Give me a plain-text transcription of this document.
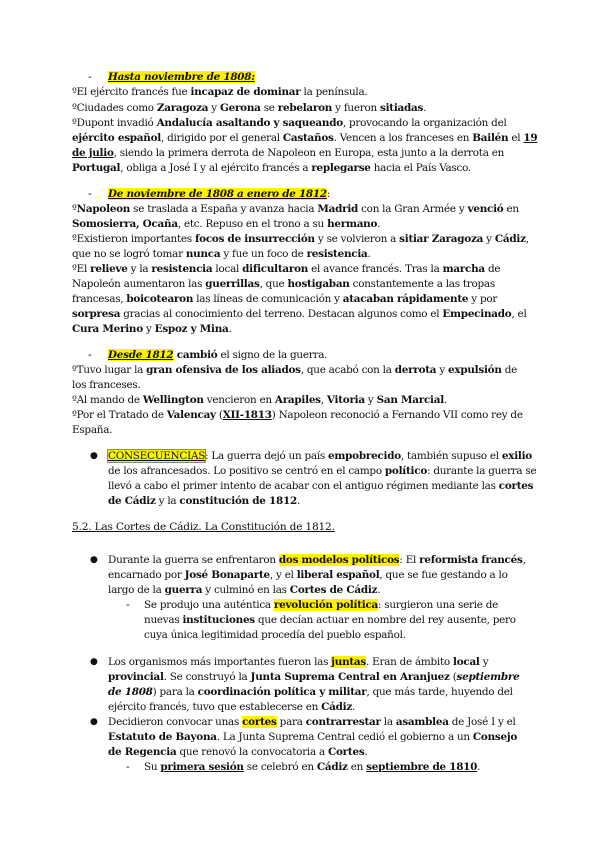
- Hasta noviembre de 1808:
ºEl ejército francés fue incapaz de dominar la península.
ºCiudades como Zaragoza y Gerona se rebelaron y fueron sitiadas.
ºDupont invadió Andalucía asaltando y saqueando, provocando la organización del
ejército español, dirigido por el general Castaños. Vencen a los franceses en Bailén el 19
de julio, siendo la primera derrota de Napoleon en Europa, esta junto a la derrota en
Portugal, obliga a José I y al ejército francés a replegarse hacia el País Vasco.
- De noviembre de 1808 a enero de 1812:
ºNapoleon se traslada a España y avanza hacia Madrid con la Gran Armée y venció en
Somosierra, Ocaña, etc. Repuso en el trono a su hermano.
ºExistieron importantes focos de insurrección y se volvieron a sitiar Zaragoza y Cádiz,
que no se logró tomar nunca y fue un foco de resistencia.
ºEl relieve y la resistencia local dificultaron el avance francés. Tras la marcha de
Napoleón aumentaron las guerrillas, que hostigaban constantemente a las tropas
francesas, boicotearon las líneas de comunicación y atacaban rápidamente y por
sorpresa gracias al conocimiento del terreno. Destacan algunos como el Empecinado, el
Cura Merino y Espoz y Mina.
- Desde 1812 cambió el signo de la guerra.
ºTuvo lugar la gran ofensiva de los aliados, que acabó con la derrota y expulsión de
los franceses.
ºAl mando de Wellington vencieron en Arapiles, Vitoria y San Marcial.
ºPor el Tratado de Valencay (XII-1813) Napoleon reconoció a Fernando VII como rey de
España.
● CONSECUENCIAS: La guerra dejó un país empobrecido, también supuso el exilio
de los afrancesados. Lo positivo se centró en el campo político: durante la guerra se
llevó a cabo el primer intento de acabar con el antiguo régimen mediante las cortes
de Cádiz y la constitución de 1812.
5.2. Las Cortes de Cádiz. La Constitución de 1812.
● Durante la guerra se enfrentaron dos modelos políticos: El reformista francés,
encarnado por José Bonaparte, y el liberal español, que se fue gestando a lo
largo de la guerra y culminó en las Cortes de Cádiz.
- Se produjo una auténtica revolución política: surgieron una serie de
nuevas instituciones que decían actuar en nombre del rey ausente, pero
cuya única legitimidad procedía del pueblo español.
● Los organismos más importantes fueron las juntas. Eran de ámbito local y
provincial. Se construyó la Junta Suprema Central en Aranjuez (septiembre
de 1808) para la coordinación política y militar, que más tarde, huyendo del
ejército francés, tuvo que establecerse en Cádiz.
● Decidieron convocar unas cortes para contrarrestar la asamblea de José I y el
Estatuto de Bayona. La Junta Suprema Central cedió el gobierno a un Consejo
de Regencia que renovó la convocatoria a Cortes.
- Su primera sesión se celebró en Cádiz en septiembre de 1810.
